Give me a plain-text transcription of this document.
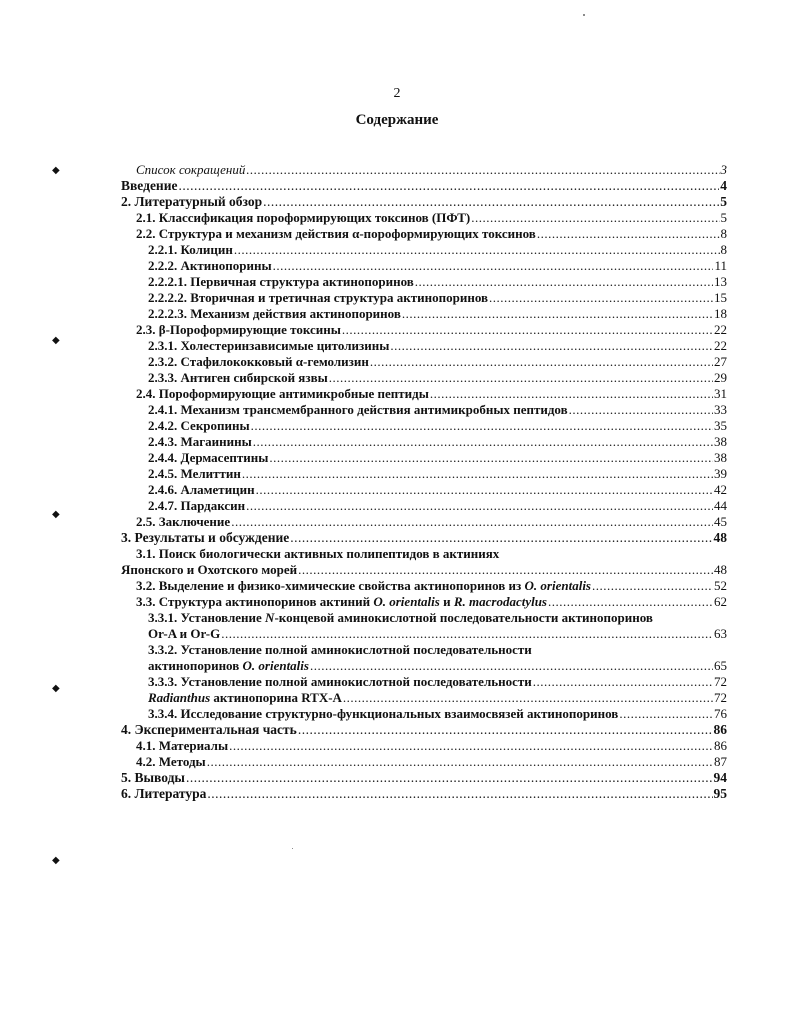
◆
◆
◆
◆
◆
2
Содержание
Список сокращений .....	3
Введение .....	4
2. Литературный обзор .....	5
2.1. Классификация пороформирующих токсинов (ПФТ) .....	5
2.2. Структура и механизм действия α-пороформирующих токсинов .....	8
2.2.1. Колицин .....	8
2.2.2. Актинопорины .....	11
2.2.2.1. Первичная структура актинопоринов .....	13
2.2.2.2. Вторичная и третичная структура актинопоринов .....	15
2.2.2.3. Механизм действия актинопоринов .....	18
2.3. β-Пороформирующие токсины .....	22
2.3.1. Холестеринзависимые цитолизины .....	22
2.3.2. Стафилококковый α-гемолизин .....	27
2.3.3. Антиген сибирской язвы .....	29
2.4. Пороформирующие антимикробные пептиды .....	31
2.4.1. Механизм трансмембранного действия антимикробных пептидов .....	33
2.4.2. Секропины .....	35
2.4.3. Магаинины .....	38
2.4.4. Дермасептины .....	38
2.4.5. Мелиттин .....	39
2.4.6. Аламетицин .....	42
2.4.7. Пардаксин .....	44
2.5. Заключение .....	45
3. Результаты и обсуждение .....	48
3.1. Поиск биологически активных полипептидов в актиниях
Японского и Охотского морей .....	48
3.2. Выделение и физико-химические свойства актинопоринов из O. orientalis .....	52
3.3. Структура актинопоринов актиний O. orientalis и R. macrodactylus .....	62
3.3.1. Установление N-концевой аминокислотной последовательности актинопоринов
Or-A и Or-G .....	63
3.3.2. Установление полной аминокислотной последовательности
актинопоринов O. orientalis .....	65
3.3.3. Установление полной аминокислотной последовательности .....	72
Radianthus актинопорина RTX-A .....	72
3.3.4. Исследование структурно-функциональных взаимосвязей актинопоринов .....	76
4. Экспериментальная часть .....	86
4.1. Материалы .....	86
4.2. Методы .....	87
5. Выводы .....	94
6. Литература .....	95
